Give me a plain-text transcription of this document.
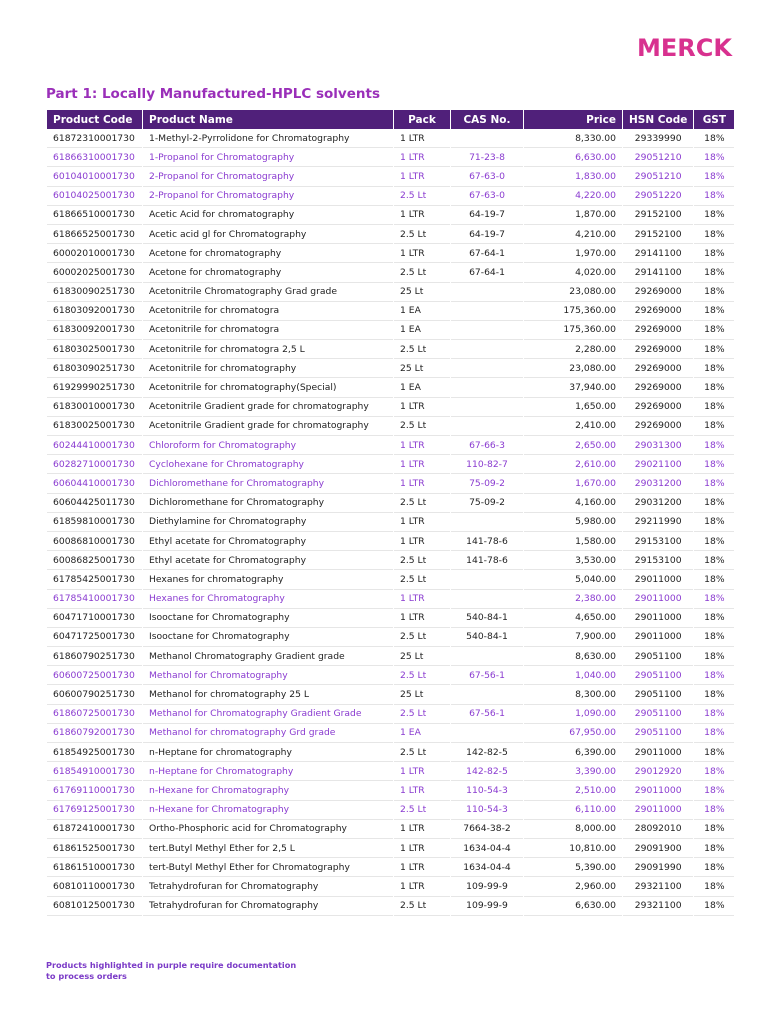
MERCK
Part 1: Locally Manufactured-HPLC solvents
Product Code	Product Name	Pack	CAS No.	Price	HSN Code	GST
61872310001730	1-Methyl-2-Pyrrolidone for Chromatography	1 LTR		8,330.00	29339990	18%
61866310001730	1-Propanol for Chromatography	1 LTR	71-23-8	6,630.00	29051210	18%
60104010001730	2-Propanol for Chromatography	1 LTR	67-63-0	1,830.00	29051210	18%
60104025001730	2-Propanol for Chromatography	2.5 Lt	67-63-0	4,220.00	29051220	18%
61866510001730	Acetic Acid for chromatography	1 LTR	64-19-7	1,870.00	29152100	18%
61866525001730	Acetic acid gl for Chromatography	2.5 Lt	64-19-7	4,210.00	29152100	18%
60002010001730	Acetone for chromatography	1 LTR	67-64-1	1,970.00	29141100	18%
60002025001730	Acetone for chromatography	2.5 Lt	67-64-1	4,020.00	29141100	18%
61830090251730	Acetonitrile Chromatography Grad grade	25 Lt		23,080.00	29269000	18%
61803092001730	Acetonitrile for chromatogra	1 EA		175,360.00	29269000	18%
61830092001730	Acetonitrile for chromatogra	1 EA		175,360.00	29269000	18%
61803025001730	Acetonitrile for chromatogra 2,5 L	2.5 Lt		2,280.00	29269000	18%
61803090251730	Acetonitrile for chromatography	25 Lt		23,080.00	29269000	18%
61929990251730	Acetonitrile for chromatography(Special)	1 EA		37,940.00	29269000	18%
61830010001730	Acetonitrile Gradient grade for chromatography	1 LTR		1,650.00	29269000	18%
61830025001730	Acetonitrile Gradient grade for chromatography	2.5 Lt		2,410.00	29269000	18%
60244410001730	Chloroform for Chromatography	1 LTR	67-66-3	2,650.00	29031300	18%
60282710001730	Cyclohexane for Chromatography	1 LTR	110-82-7	2,610.00	29021100	18%
60604410001730	Dichloromethane for Chromatography	1 LTR	75-09-2	1,670.00	29031200	18%
60604425011730	Dichloromethane for Chromatography	2.5 Lt	75-09-2	4,160.00	29031200	18%
61859810001730	Diethylamine for Chromatography	1 LTR		5,980.00	29211990	18%
60086810001730	Ethyl acetate for Chromatography	1 LTR	141-78-6	1,580.00	29153100	18%
60086825001730	Ethyl acetate for Chromatography	2.5 Lt	141-78-6	3,530.00	29153100	18%
61785425001730	Hexanes for chromatography	2.5 Lt		5,040.00	29011000	18%
61785410001730	Hexanes for Chromatography	1 LTR		2,380.00	29011000	18%
60471710001730	Isooctane for Chromatography	1 LTR	540-84-1	4,650.00	29011000	18%
60471725001730	Isooctane for Chromatography	2.5 Lt	540-84-1	7,900.00	29011000	18%
61860790251730	Methanol Chromatography Gradient grade	25 Lt		8,630.00	29051100	18%
60600725001730	Methanol for Chromatography	2.5 Lt	67-56-1	1,040.00	29051100	18%
60600790251730	Methanol for chromatography 25 L	25 Lt		8,300.00	29051100	18%
61860725001730	Methanol for Chromatography Gradient Grade	2.5 Lt	67-56-1	1,090.00	29051100	18%
61860792001730	Methanol for chromatography Grd grade	1 EA		67,950.00	29051100	18%
61854925001730	n-Heptane for chromatography	2.5 Lt	142-82-5	6,390.00	29011000	18%
61854910001730	n-Heptane for Chromatography	1 LTR	142-82-5	3,390.00	29012920	18%
61769110001730	n-Hexane for Chromatography	1 LTR	110-54-3	2,510.00	29011000	18%
61769125001730	n-Hexane for Chromatography	2.5 Lt	110-54-3	6,110.00	29011000	18%
61872410001730	Ortho-Phosphoric acid for Chromatography	1 LTR	7664-38-2	8,000.00	28092010	18%
61861525001730	tert.Butyl Methyl Ether for 2,5 L	1 LTR	1634-04-4	10,810.00	29091900	18%
61861510001730	tert-Butyl Methyl Ether for Chromatography	1 LTR	1634-04-4	5,390.00	29091990	18%
60810110001730	Tetrahydrofuran for Chromatography	1 LTR	109-99-9	2,960.00	29321100	18%
60810125001730	Tetrahydrofuran for Chromatography	2.5 Lt	109-99-9	6,630.00	29321100	18%
Products highlighted in purple require documentation to process orders
